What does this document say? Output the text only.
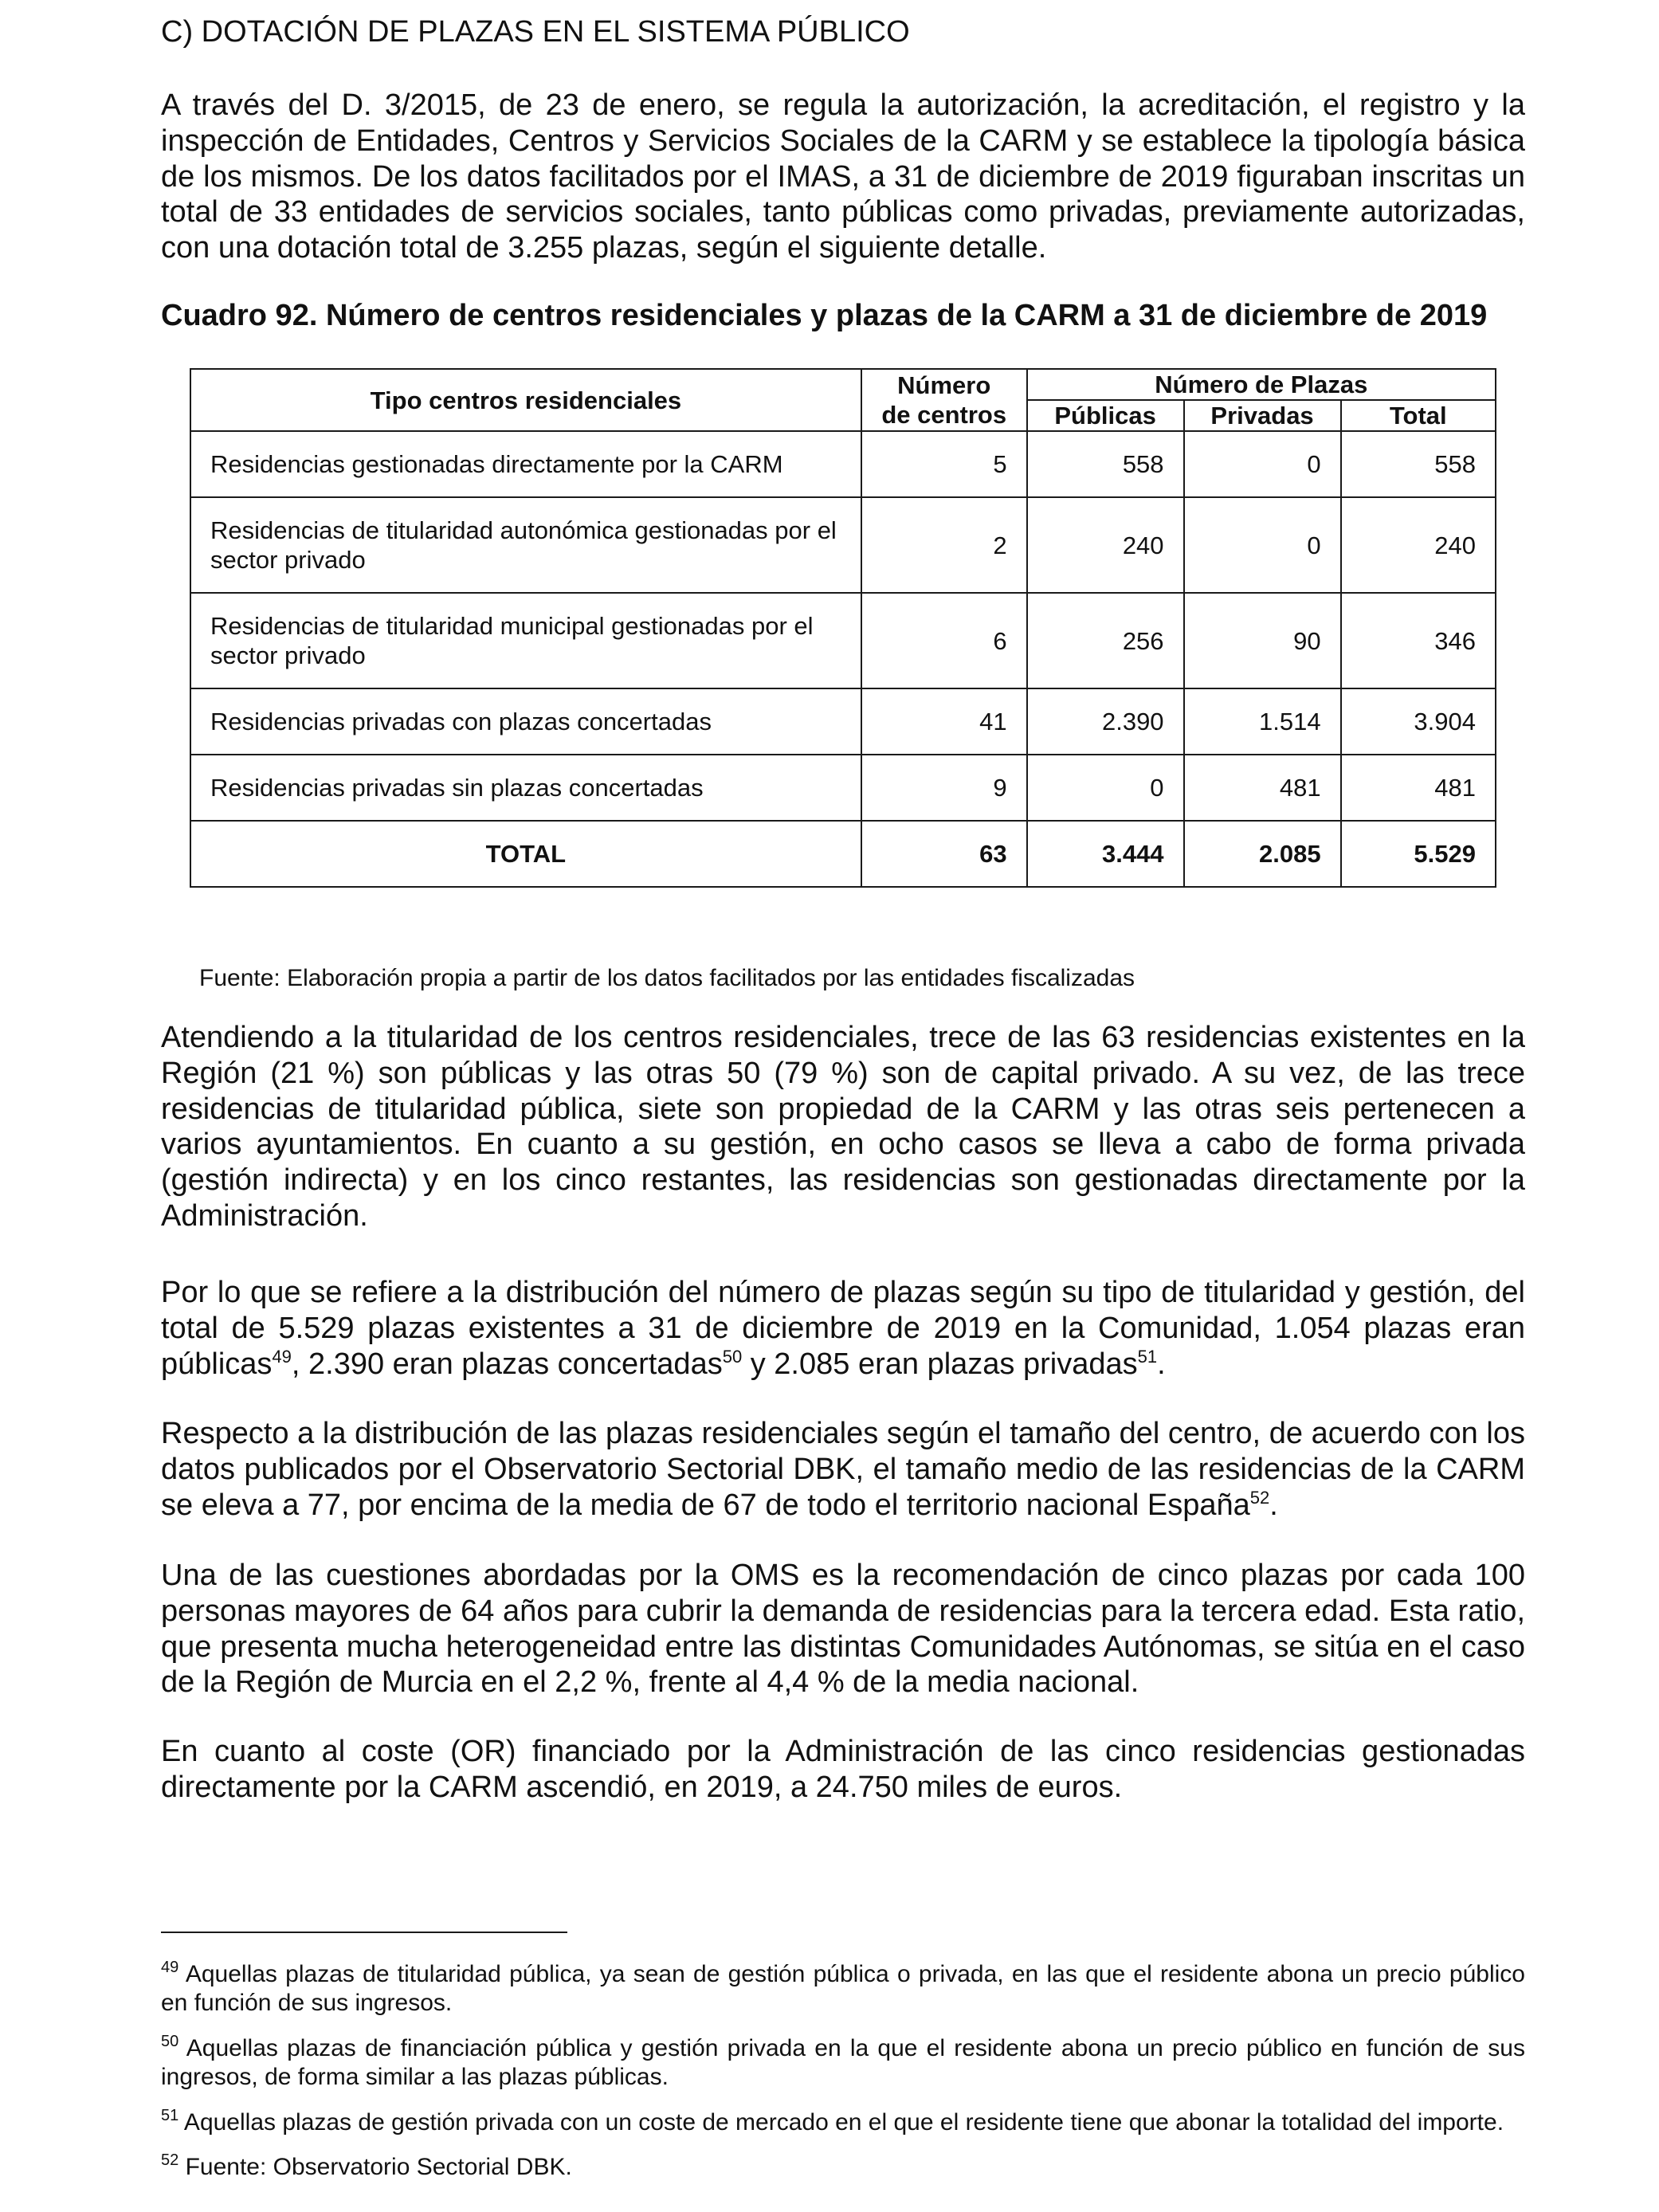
C) DOTACIÓN DE PLAZAS EN EL SISTEMA PÚBLICO

A través del D. 3/2015, de 23 de enero, se regula la autorización, la acreditación, el registro y la inspección de Entidades, Centros y Servicios Sociales de la CARM y se establece la tipología básica de los mismos. De los datos facilitados por el IMAS, a 31 de diciembre de 2019 figuraban inscritas un total de 33 entidades de servicios sociales, tanto públicas como privadas, previamente autorizadas, con una dotación total de 3.255 plazas, según el siguiente detalle.

Cuadro 92. Número de centros residenciales y plazas de la CARM a 31 de diciembre de 2019
Tipo centros residenciales	Número de centros	Número de Plazas		
		Públicas	Privadas	Total
Residencias gestionadas directamente por la CARM	5	558	0	558
Residencias de titularidad autonómica gestionadas por el sector privado	2	240	0	240
Residencias de titularidad municipal gestionadas por el sector privado	6	256	90	346
Residencias privadas con plazas concertadas	41	2.390	1.514	3.904
Residencias privadas sin plazas concertadas	9	0	481	481
TOTAL	63	3.444	2.085	5.529
Fuente: Elaboración propia a partir de los datos facilitados por las entidades fiscalizadas

Atendiendo a la titularidad de los centros residenciales, trece de las 63 residencias existentes en la Región (21 %) son públicas y las otras 50 (79 %) son de capital privado. A su vez, de las trece residencias de titularidad pública, siete son propiedad de la CARM y las otras seis pertenecen a varios ayuntamientos. En cuanto a su gestión, en ocho casos se lleva a cabo de forma privada (gestión indirecta) y en los cinco restantes, las residencias son gestionadas directamente por la Administración.

Por lo que se refiere a la distribución del número de plazas según su tipo de titularidad y gestión, del total de 5.529 plazas existentes a 31 de diciembre de 2019 en la Comunidad, 1.054 plazas eran públicas$^{49}$, 2.390 eran plazas concertadas$^{50}$ y 2.085 eran plazas privadas$^{51}$.

Respecto a la distribución de las plazas residenciales según el tamaño del centro, de acuerdo con los datos publicados por el Observatorio Sectorial DBK, el tamaño medio de las residencias de la CARM se eleva a 77, por encima de la media de 67 de todo el territorio nacional España$^{52}$.

Una de las cuestiones abordadas por la OMS es la recomendación de cinco plazas por cada 100 personas mayores de 64 años para cubrir la demanda de residencias para la tercera edad. Esta ratio, que presenta mucha heterogeneidad entre las distintas Comunidades Autónomas, se sitúa en el caso de la Región de Murcia en el 2,2 %, frente al 4,4 % de la media nacional.

En cuanto al coste (OR) financiado por la Administración de las cinco residencias gestionadas directamente por la CARM ascendió, en 2019, a 24.750 miles de euros.

$^{49}$ Aquellas plazas de titularidad pública, ya sean de gestión pública o privada, en las que el residente abona un precio público en función de sus ingresos.

$^{50}$ Aquellas plazas de financiación pública y gestión privada en la que el residente abona un precio público en función de sus ingresos, de forma similar a las plazas públicas.

$^{51}$ Aquellas plazas de gestión privada con un coste de mercado en el que el residente tiene que abonar la totalidad del importe.

$^{52}$ Fuente: Observatorio Sectorial DBK.
